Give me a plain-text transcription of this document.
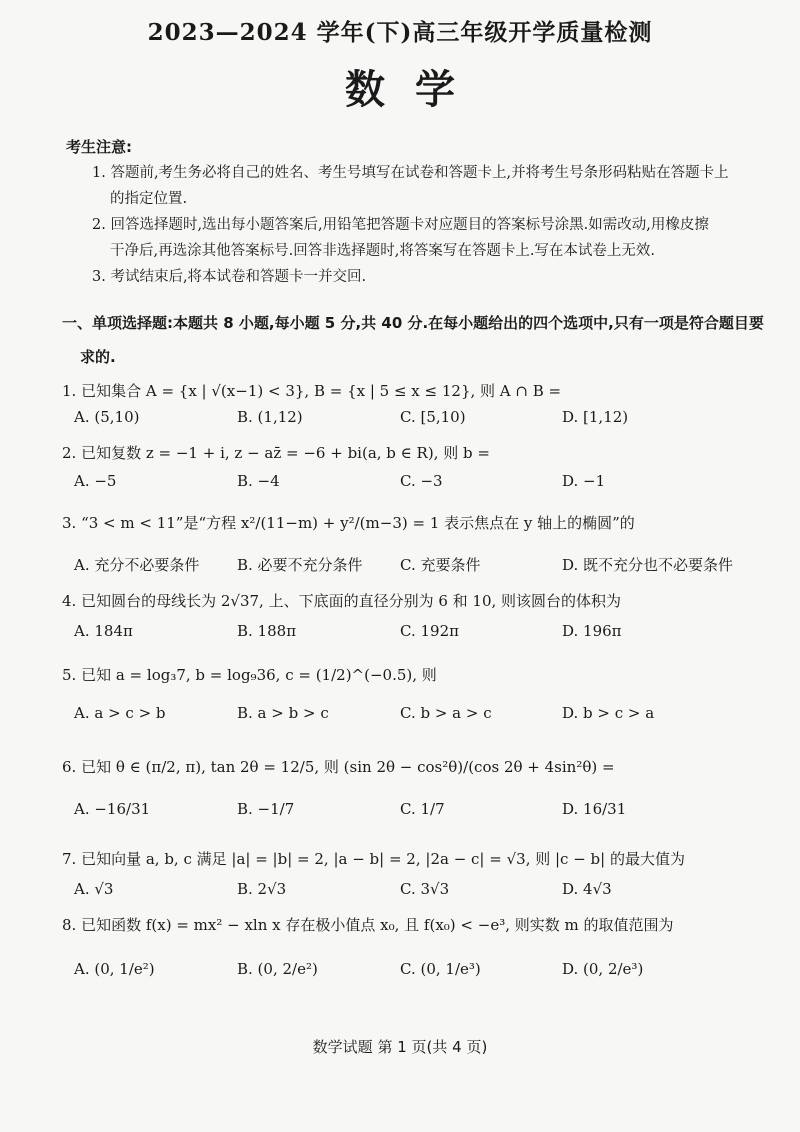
2023—2024 学年(下)高三年级开学质量检测
数学
考生注意:
1. 答题前,考生务必将自己的姓名、考生号填写在试卷和答题卡上,并将考生号条形码粘贴在答题卡上
的指定位置.
2. 回答选择题时,选出每小题答案后,用铅笔把答题卡对应题目的答案标号涂黑.如需改动,用橡皮擦
干净后,再选涂其他答案标号.回答非选择题时,将答案写在答题卡上.写在本试卷上无效.
3. 考试结束后,将本试卷和答题卡一并交回.
一、单项选择题:本题共 8 小题,每小题 5 分,共 40 分.在每小题给出的四个选项中,只有一项是符合题目要
求的.
1. 已知集合 A = {x | √(x−1) < 3}, B = {x | 5 ≤ x ≤ 12}, 则 A ∩ B =
A. (5,10)	B. (1,12)	C. [5,10)	D. [1,12)
2. 已知复数 z = −1 + i, z − az̄ = −6 + bi(a, b ∈ R), 则 b =
A. −5	B. −4	C. −3	D. −1
3. “3 < m < 11”是“方程 x²/(11−m) + y²/(m−3) = 1 表示焦点在 y 轴上的椭圆”的
A. 充分不必要条件	B. 必要不充分条件 C. 充要条件	D. 既不充分也不必要条件
4. 已知圆台的母线长为 2√37, 上、下底面的直径分别为 6 和 10, 则该圆台的体积为
A. 184π	B. 188π	C. 192π	D. 196π
5. 已知 a = log₃7, b = log₉36, c = (1/2)^(−0.5), 则
A. a > c > b	B. a > b > c	C. b > a > c	D. b > c > a
6. 已知 θ ∈ (π/2, π), tan 2θ = 12/5, 则 (sin 2θ − cos²θ)/(cos 2θ + 4sin²θ) =
A. −16/31	B. −1/7	C. 1/7	D. 16/31
7. 已知向量 a, b, c 满足 |a| = |b| = 2, |a − b| = 2, |2a − c| = √3, 则 |c − b| 的最大值为
A. √3	B. 2√3	C. 3√3	D. 4√3
8. 已知函数 f(x) = mx² − xln x 存在极小值点 x₀, 且 f(x₀) < −e³, 则实数 m 的取值范围为
A. (0, 1/e²)	B. (0, 2/e²)	C. (0, 1/e³)	D. (0, 2/e³)
数学试题 第 1 页(共 4 页)
